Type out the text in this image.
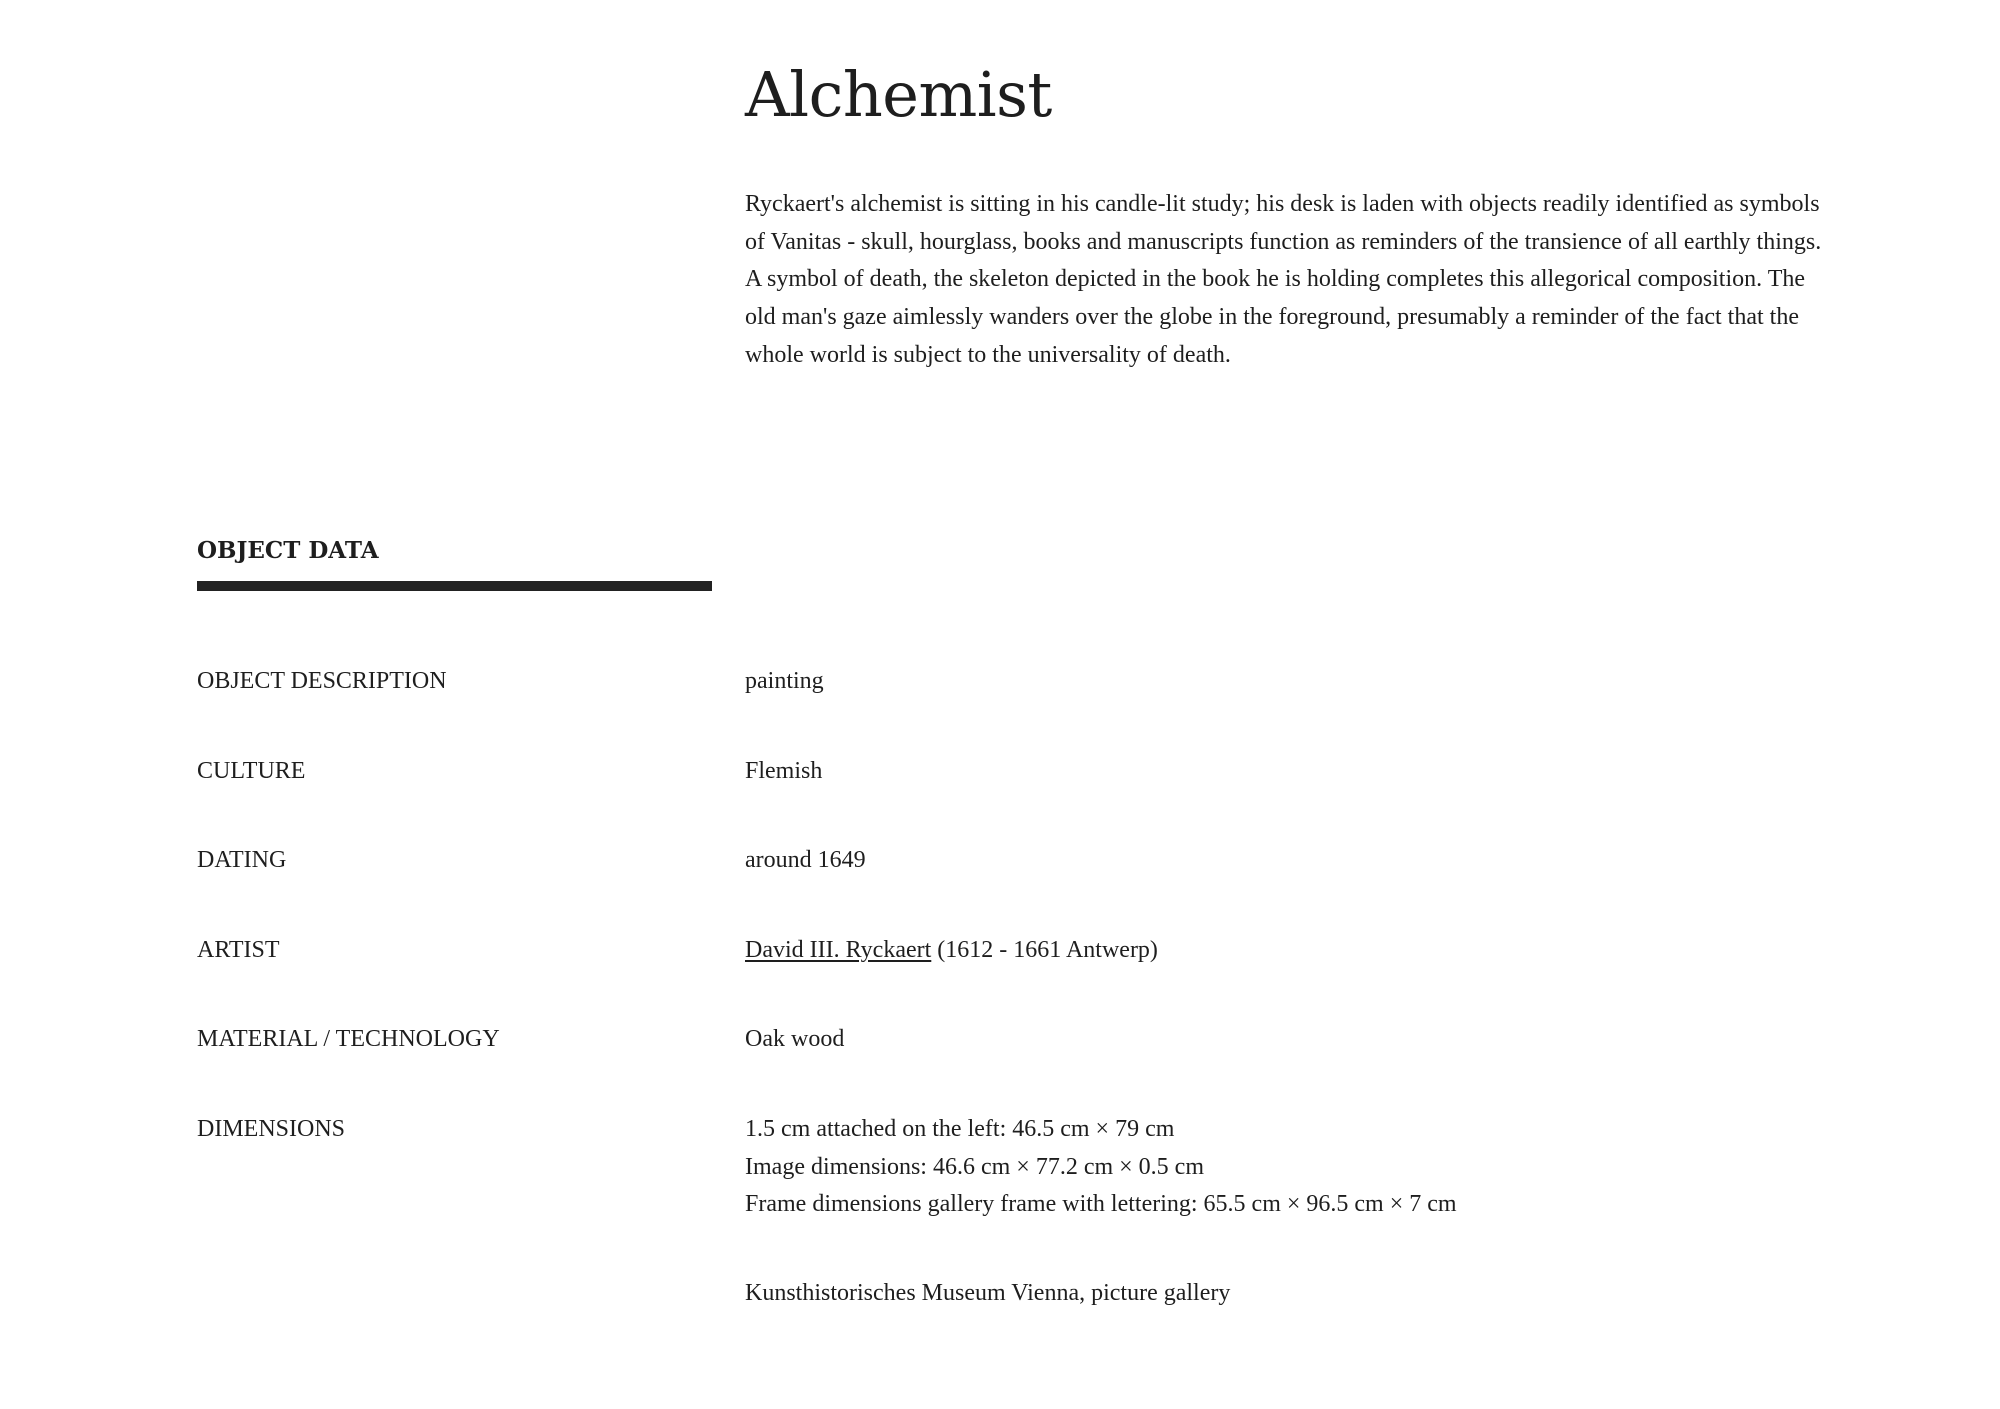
Alchemist

Ryckaert's alchemist is sitting in his candle-lit study; his desk is laden with objects readily identified as symbols of Vanitas - skull, hourglass, books and manuscripts function as reminders of the transience of all earthly things. A symbol of death, the skeleton depicted in the book he is holding completes this allegorical composition. The old man's gaze aimlessly wanders over the globe in the foreground, presumably a reminder of the fact that the whole world is subject to the universality of death.

OBJECT DATA
OBJECT DESCRIPTION	painting
CULTURE	Flemish
DATING	around 1649
ARTIST	David III. Ryckaert (1612 - 1661 Antwerp)
MATERIAL / TECHNOLOGY	Oak wood
DIMENSIONS	1.5 cm attached on the left: 46.5 cm × 79 cm
Image dimensions: 46.6 cm × 77.2 cm × 0.5 cm
Frame dimensions gallery frame with lettering: 65.5 cm × 96.5 cm × 7 cm
Kunsthistorisches Museum Vienna, picture gallery
